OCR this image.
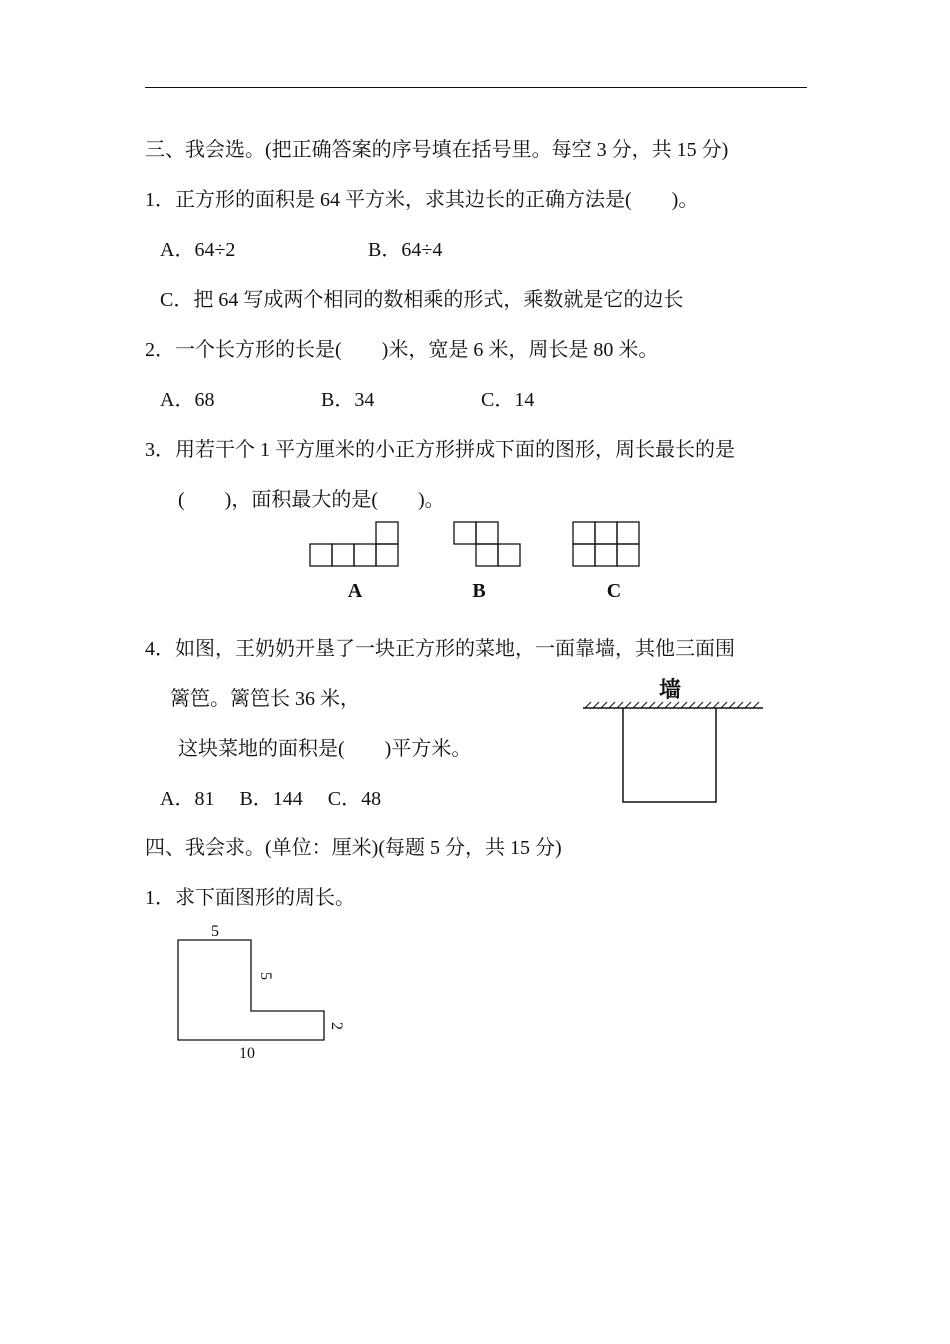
三、我会选。(把正确答案的序号填在括号里。每空 3 分，共 15 分)
1．正方形的面积是 64 平方米，求其边长的正确方法是(　　)。
A．64÷2	B．64÷4
C．把 64 写成两个相同的数相乘的形式，乘数就是它的边长
2．一个长方形的长是(　　)米，宽是 6 米，周长是 80 米。
A．68	B．34	C．14
3．用若干个 1 平方厘米的小正方形拼成下面的图形，周长最长的是
(　　)，面积最大的是(　　)。
A	B	C
4．如图，王奶奶开垦了一块正方形的菜地，一面靠墙，其他三面围
篱笆。篱笆长 36 米，
这块菜地的面积是(　　)平方米。
A．81　 B．144　 C．48
墙
四、我会求。(单位：厘米)(每题 5 分，共 15 分)
1．求下面图形的周长。
5
5
2
10
